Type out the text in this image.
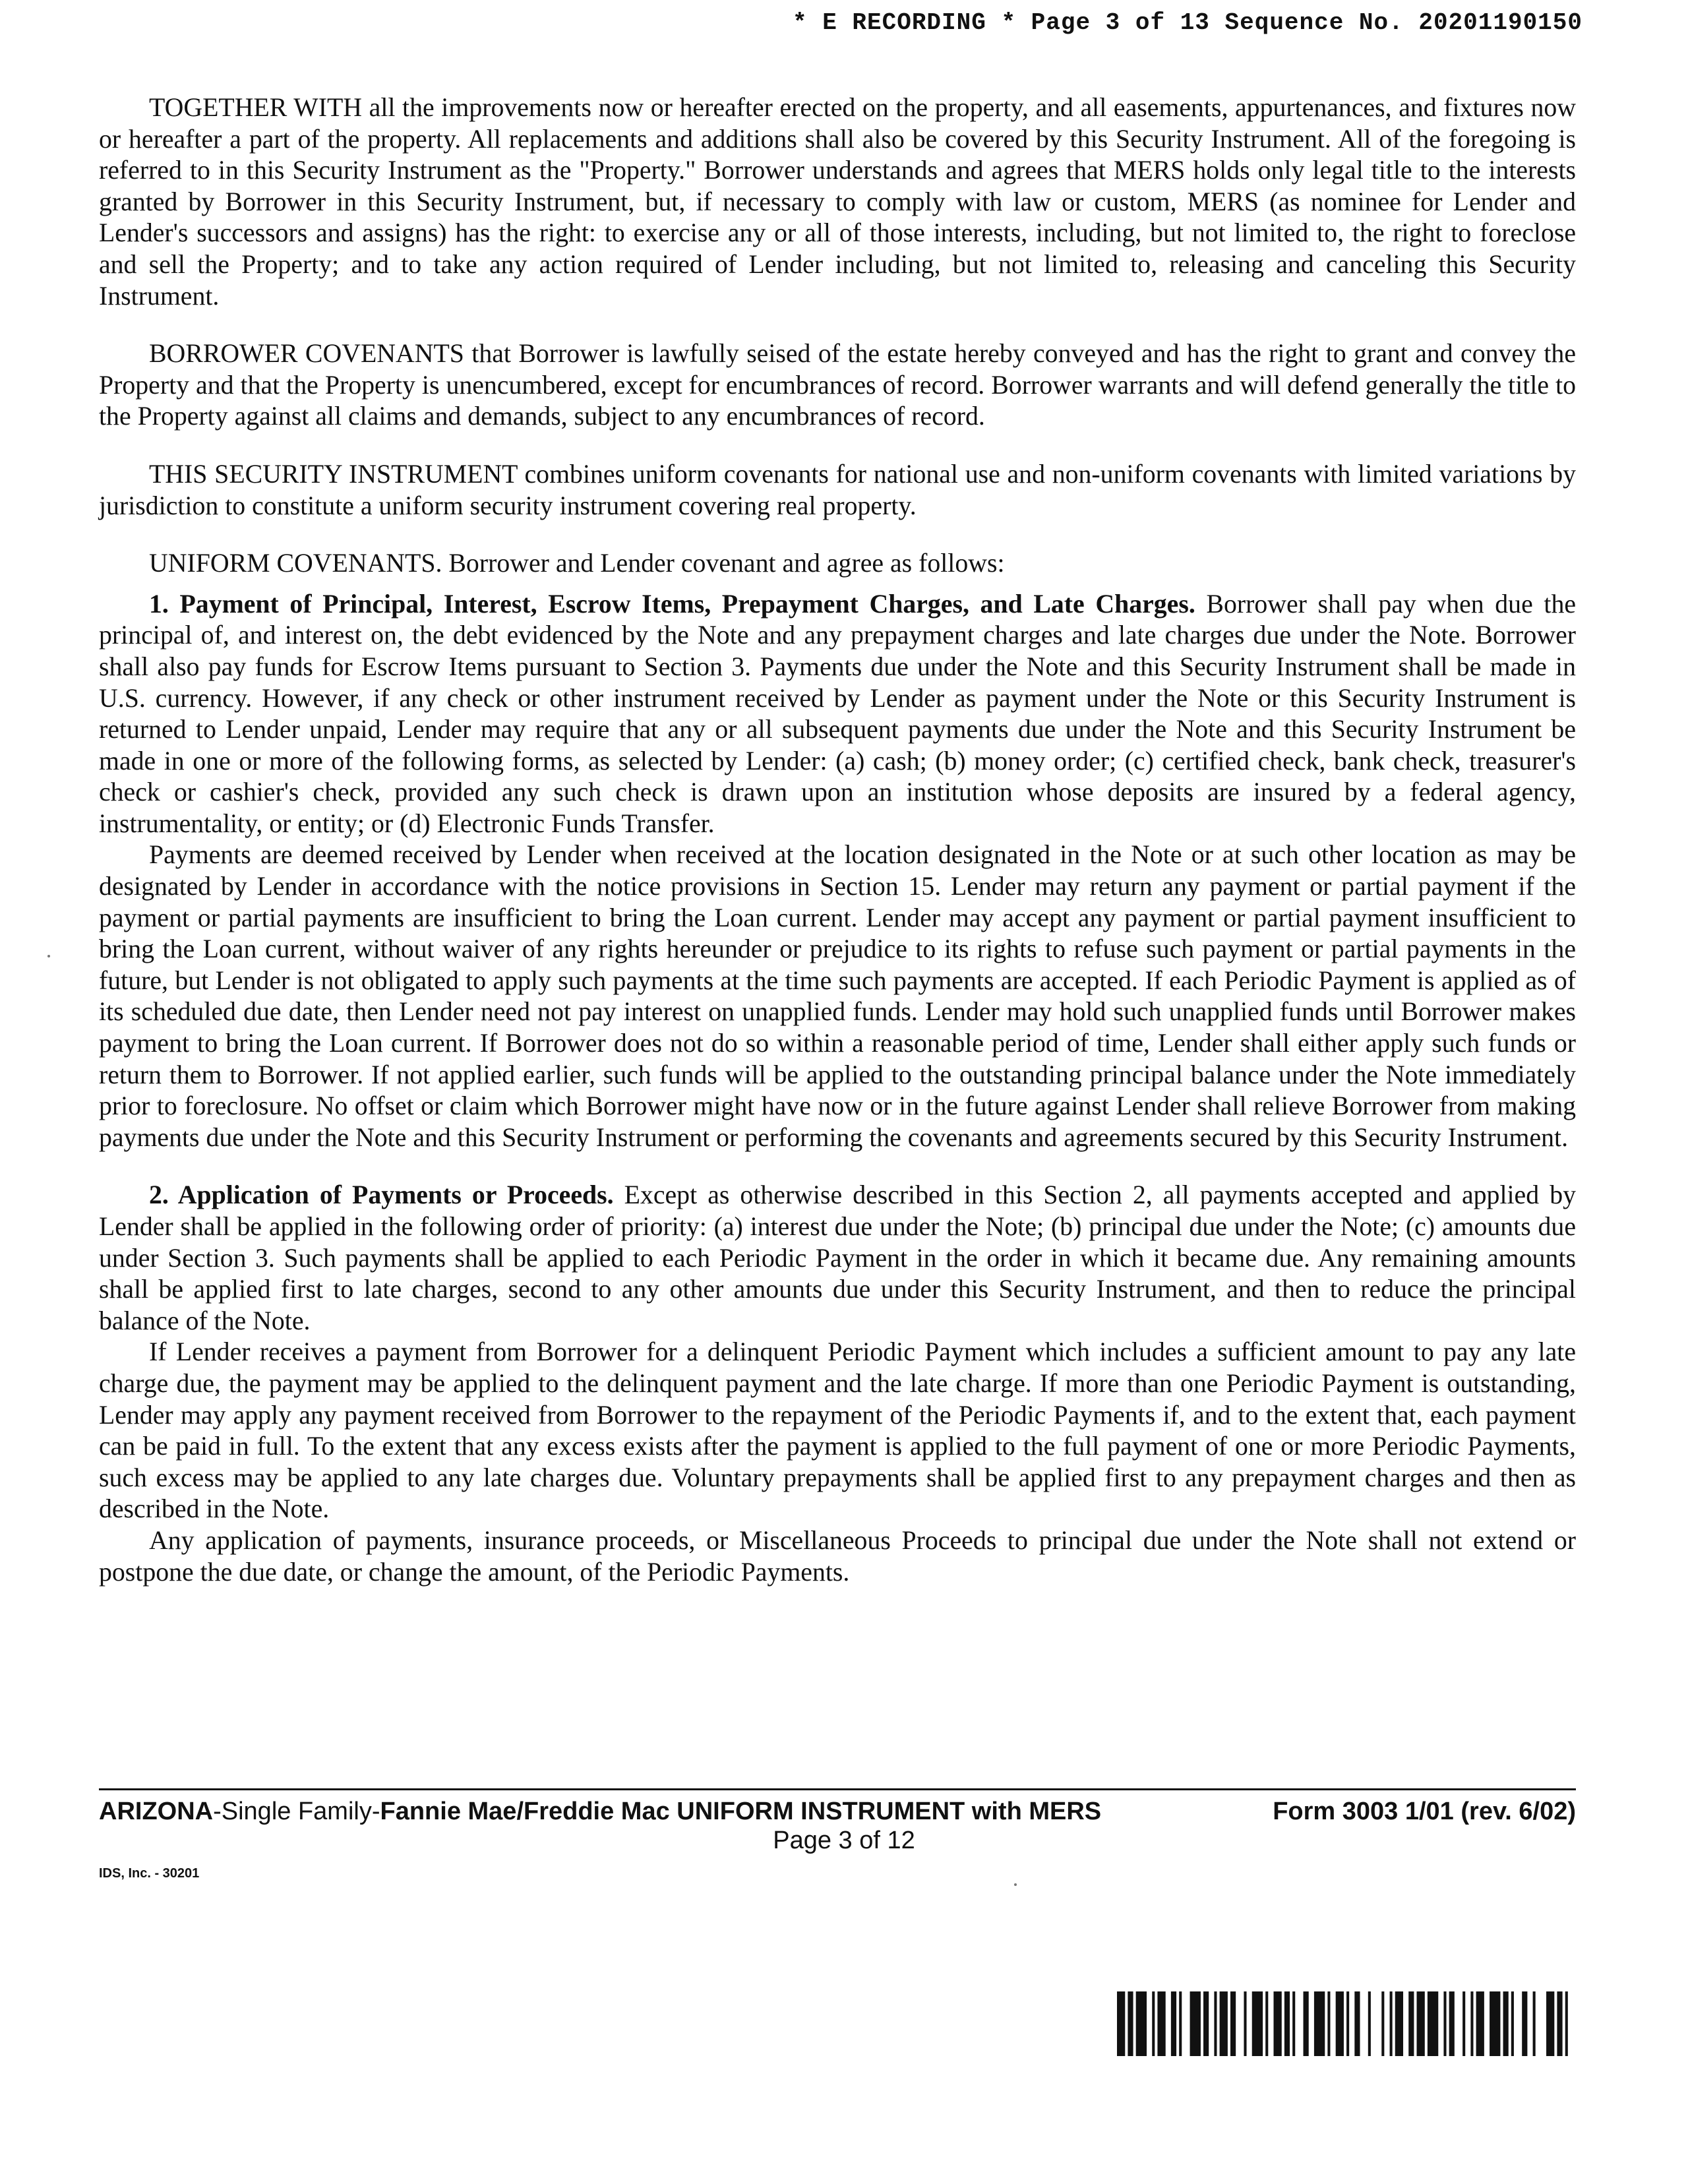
* E RECORDING * Page 3 of 13 Sequence No. 20201190150

TOGETHER WITH all the improvements now or hereafter erected on the property, and all easements, appurtenances, and fixtures now or hereafter a part of the property. All replacements and additions shall also be covered by this Security Instrument. All of the foregoing is referred to in this Security Instrument as the "Property." Borrower understands and agrees that MERS holds only legal title to the interests granted by Borrower in this Security Instrument, but, if necessary to comply with law or custom, MERS (as nominee for Lender and Lender's successors and assigns) has the right: to exercise any or all of those interests, including, but not limited to, the right to foreclose and sell the Property; and to take any action required of Lender including, but not limited to, releasing and canceling this Security Instrument.

BORROWER COVENANTS that Borrower is lawfully seised of the estate hereby conveyed and has the right to grant and convey the Property and that the Property is unencumbered, except for encumbrances of record. Borrower warrants and will defend generally the title to the Property against all claims and demands, subject to any encumbrances of record.

THIS SECURITY INSTRUMENT combines uniform covenants for national use and non-uniform covenants with limited variations by jurisdiction to constitute a uniform security instrument covering real property.

UNIFORM COVENANTS. Borrower and Lender covenant and agree as follows:

1. Payment of Principal, Interest, Escrow Items, Prepayment Charges, and Late Charges. Borrower shall pay when due the principal of, and interest on, the debt evidenced by the Note and any prepayment charges and late charges due under the Note. Borrower shall also pay funds for Escrow Items pursuant to Section 3. Payments due under the Note and this Security Instrument shall be made in U.S. currency. However, if any check or other instrument received by Lender as payment under the Note or this Security Instrument is returned to Lender unpaid, Lender may require that any or all subsequent payments due under the Note and this Security Instrument be made in one or more of the following forms, as selected by Lender: (a) cash; (b) money order; (c) certified check, bank check, treasurer's check or cashier's check, provided any such check is drawn upon an institution whose deposits are insured by a federal agency, instrumentality, or entity; or (d) Electronic Funds Transfer.

Payments are deemed received by Lender when received at the location designated in the Note or at such other location as may be designated by Lender in accordance with the notice provisions in Section 15. Lender may return any payment or partial payment if the payment or partial payments are insufficient to bring the Loan current. Lender may accept any payment or partial payment insufficient to bring the Loan current, without waiver of any rights hereunder or prejudice to its rights to refuse such payment or partial payments in the future, but Lender is not obligated to apply such payments at the time such payments are accepted. If each Periodic Payment is applied as of its scheduled due date, then Lender need not pay interest on unapplied funds. Lender may hold such unapplied funds until Borrower makes payment to bring the Loan current. If Borrower does not do so within a reasonable period of time, Lender shall either apply such funds or return them to Borrower. If not applied earlier, such funds will be applied to the outstanding principal balance under the Note immediately prior to foreclosure. No offset or claim which Borrower might have now or in the future against Lender shall relieve Borrower from making payments due under the Note and this Security Instrument or performing the covenants and agreements secured by this Security Instrument.

2. Application of Payments or Proceeds. Except as otherwise described in this Section 2, all payments accepted and applied by Lender shall be applied in the following order of priority: (a) interest due under the Note; (b) principal due under the Note; (c) amounts due under Section 3. Such payments shall be applied to each Periodic Payment in the order in which it became due. Any remaining amounts shall be applied first to late charges, second to any other amounts due under this Security Instrument, and then to reduce the principal balance of the Note.

If Lender receives a payment from Borrower for a delinquent Periodic Payment which includes a sufficient amount to pay any late charge due, the payment may be applied to the delinquent payment and the late charge. If more than one Periodic Payment is outstanding, Lender may apply any payment received from Borrower to the repayment of the Periodic Payments if, and to the extent that, each payment can be paid in full. To the extent that any excess exists after the payment is applied to the full payment of one or more Periodic Payments, such excess may be applied to any late charges due. Voluntary prepayments shall be applied first to any prepayment charges and then as described in the Note.

Any application of payments, insurance proceeds, or Miscellaneous Proceeds to principal due under the Note shall not extend or postpone the due date, or change the amount, of the Periodic Payments.

ARIZONA-Single Family-Fannie Mae/Freddie Mac UNIFORM INSTRUMENT with MERS	Form 3003 1/01 (rev. 6/02)
Page 3 of 12
IDS, Inc. - 30201
